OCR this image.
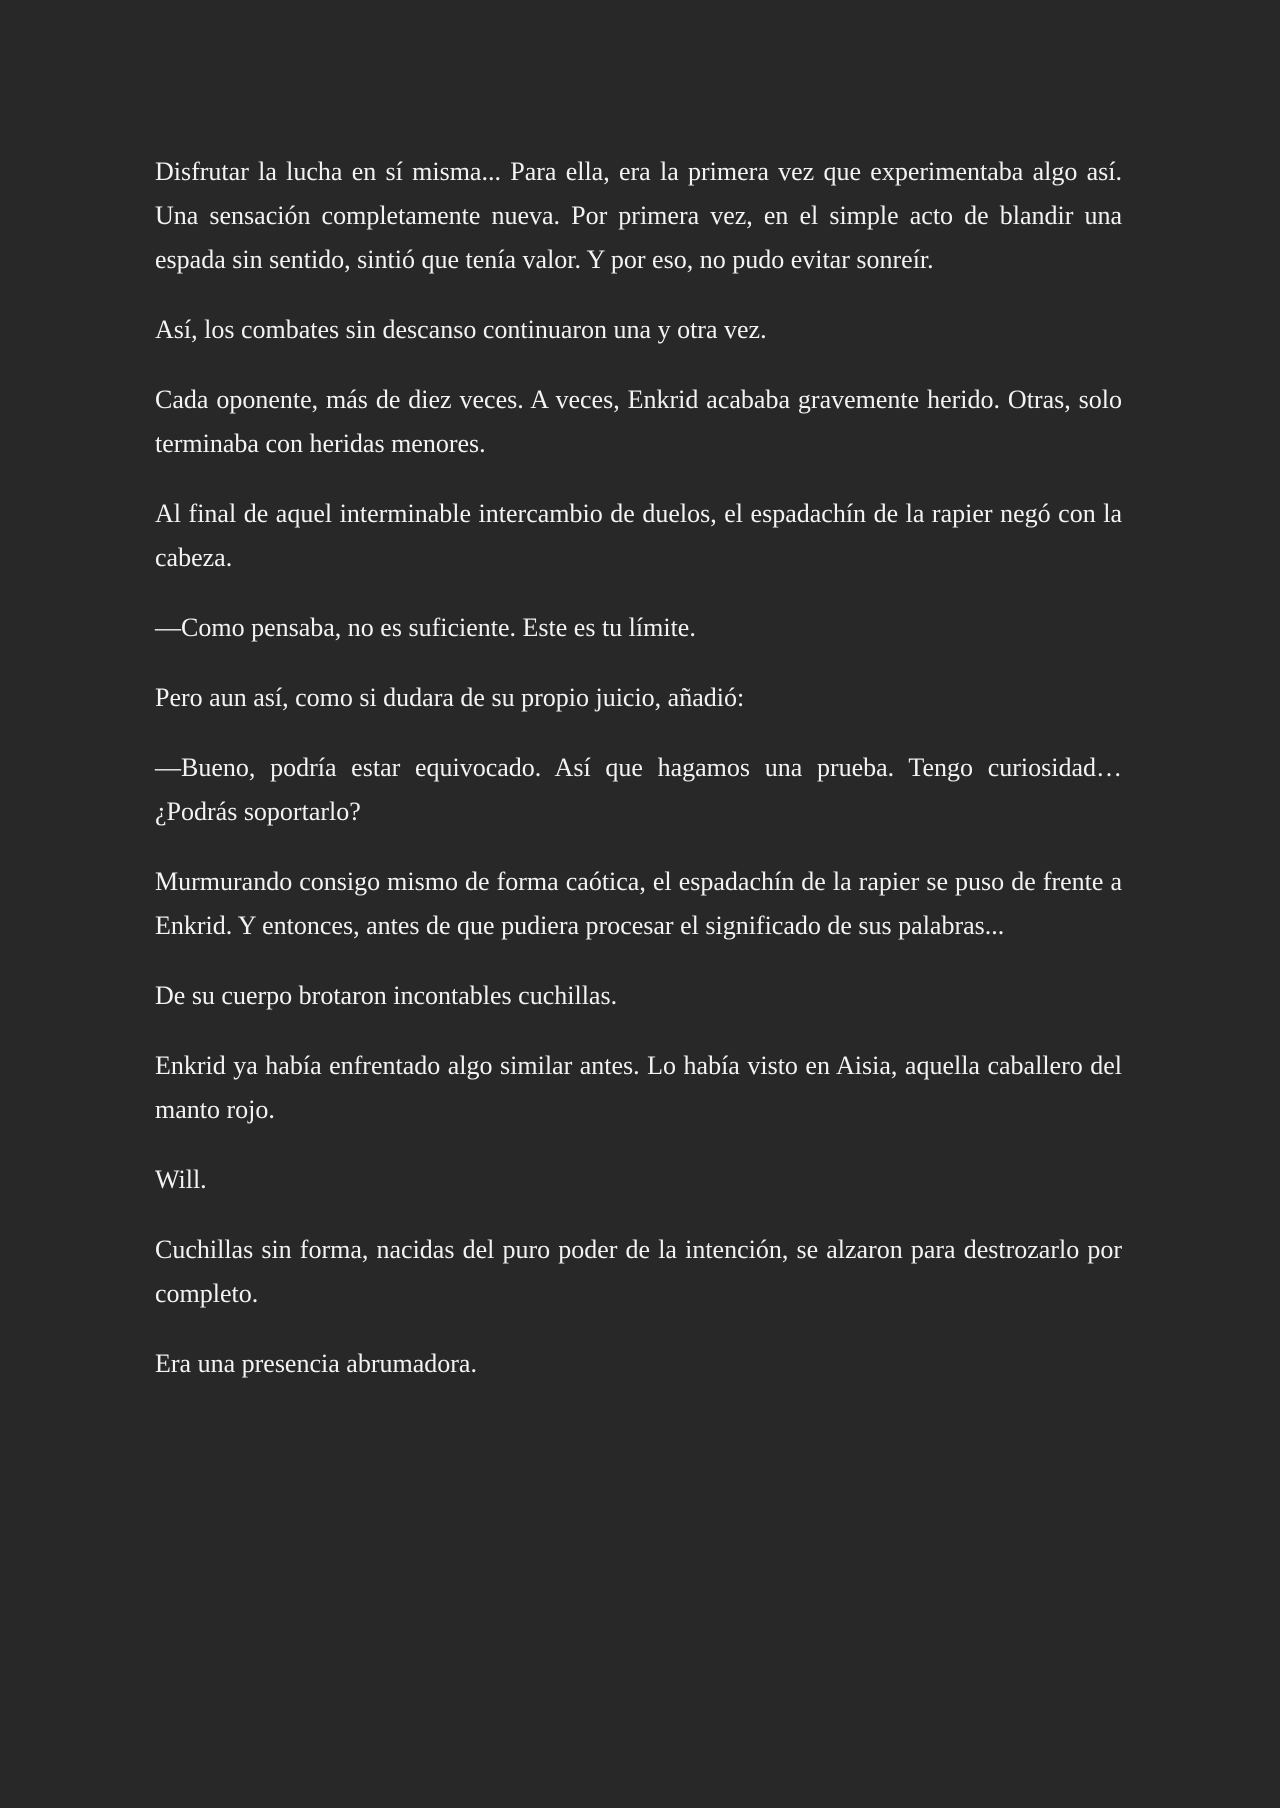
Disfrutar la lucha en sí misma... Para ella, era la primera vez que experimentaba algo así. Una sensación completamente nueva. Por primera vez, en el simple acto de blandir una espada sin sentido, sintió que tenía valor. Y por eso, no pudo evitar sonreír.

Así, los combates sin descanso continuaron una y otra vez.

Cada oponente, más de diez veces. A veces, Enkrid acababa gravemente herido. Otras, solo terminaba con heridas menores.

Al final de aquel interminable intercambio de duelos, el espadachín de la rapier negó con la cabeza.

—Como pensaba, no es suficiente. Este es tu límite.

Pero aun así, como si dudara de su propio juicio, añadió:

—Bueno, podría estar equivocado. Así que hagamos una prueba. Tengo curiosidad… ¿Podrás soportarlo?

Murmurando consigo mismo de forma caótica, el espadachín de la rapier se puso de frente a Enkrid. Y entonces, antes de que pudiera procesar el significado de sus palabras...

De su cuerpo brotaron incontables cuchillas.

Enkrid ya había enfrentado algo similar antes. Lo había visto en Aisia, aquella caballero del manto rojo.

Will.

Cuchillas sin forma, nacidas del puro poder de la intención, se alzaron para destrozarlo por completo.

Era una presencia abrumadora.
